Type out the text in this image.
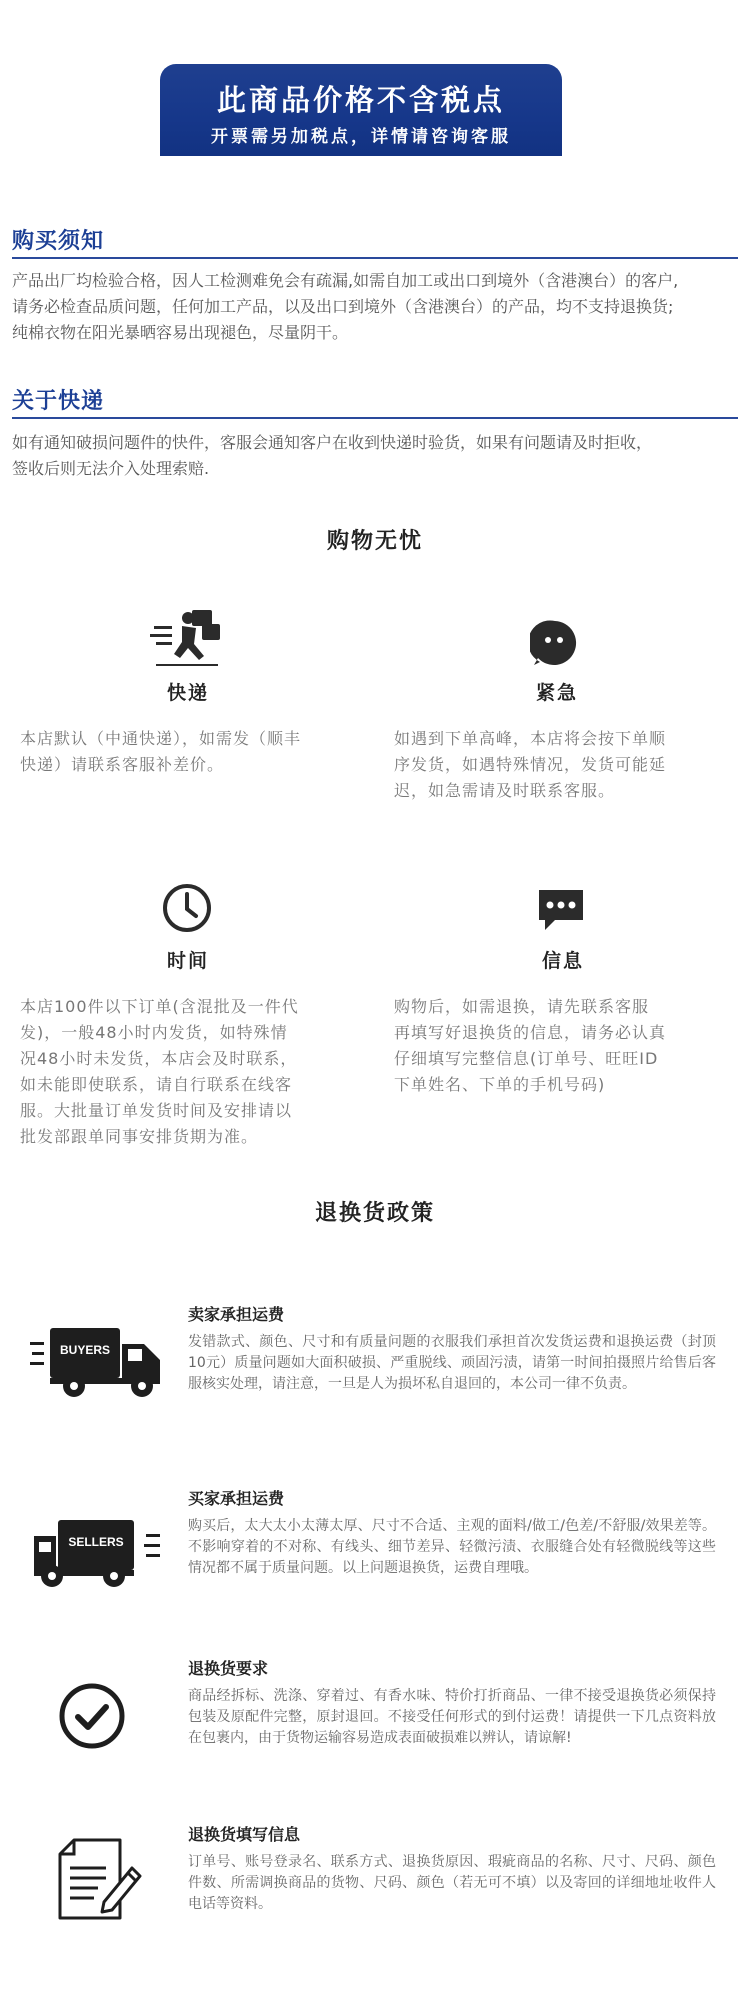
此商品价格不含税点
开票需另加税点，详情请咨询客服
购买须知
产品出厂均检验合格，因人工检测难免会有疏漏,如需自加工或出口到境外（含港澳台）的客户,
请务必检查品质问题，任何加工产品，以及出口到境外（含港澳台）的产品，均不支持退换货;
纯棉衣物在阳光暴晒容易出现褪色，尽量阴干。
关于快递
如有通知破损问题件的快件，客服会通知客户在收到快递时验货，如果有问题请及时拒收，
签收后则无法介入处理索赔.
购物无忧
快递
本店默认（中通快递），如需发（顺丰
快递）请联系客服补差价。
紧急
如遇到下单高峰，本店将会按下单顺
序发货，如遇特殊情况，发货可能延
迟，如急需请及时联系客服。
时间
本店100件以下订单(含混批及一件代
发)，一般48小时内发货，如特殊情
况48小时未发货，本店会及时联系，
如未能即使联系，请自行联系在线客
服。大批量订单发货时间及安排请以
批发部跟单同事安排货期为准。
信息
购物后，如需退换，请先联系客服
再填写好退换货的信息，请务必认真
仔细填写完整信息(订单号、旺旺ID
下单姓名、下单的手机号码)
退换货政策
BUYERS
卖家承担运费
发错款式、颜色、尺寸和有质量问题的衣服我们承担首次发货运费和退换运费（封顶10元）质量问题如大面积破损、严重脱线、顽固污渍，请第一时间拍摄照片给售后客服核实处理，请注意，一旦是人为损坏私自退回的，本公司一律不负责。
SELLERS
买家承担运费
购买后，太大太小太薄太厚、尺寸不合适、主观的面料/做工/色差/不舒服/效果差等。不影响穿着的不对称、有线头、细节差异、轻微污渍、衣服缝合处有轻微脱线等这些情况都不属于质量问题。以上问题退换货，运费自理哦。
退换货要求
商品经拆标、洗涤、穿着过、有香水味、特价打折商品、一律不接受退换货必须保持包装及原配件完整，原封退回。不接受任何形式的到付运费！请提供一下几点资料放在包裹内，由于货物运输容易造成表面破损难以辨认，请谅解!
退换货填写信息
订单号、账号登录名、联系方式、退换货原因、瑕疵商品的名称、尺寸、尺码、颜色件数、所需调换商品的货物、尺码、颜色（若无可不填）以及寄回的详细地址收件人电话等资料。
